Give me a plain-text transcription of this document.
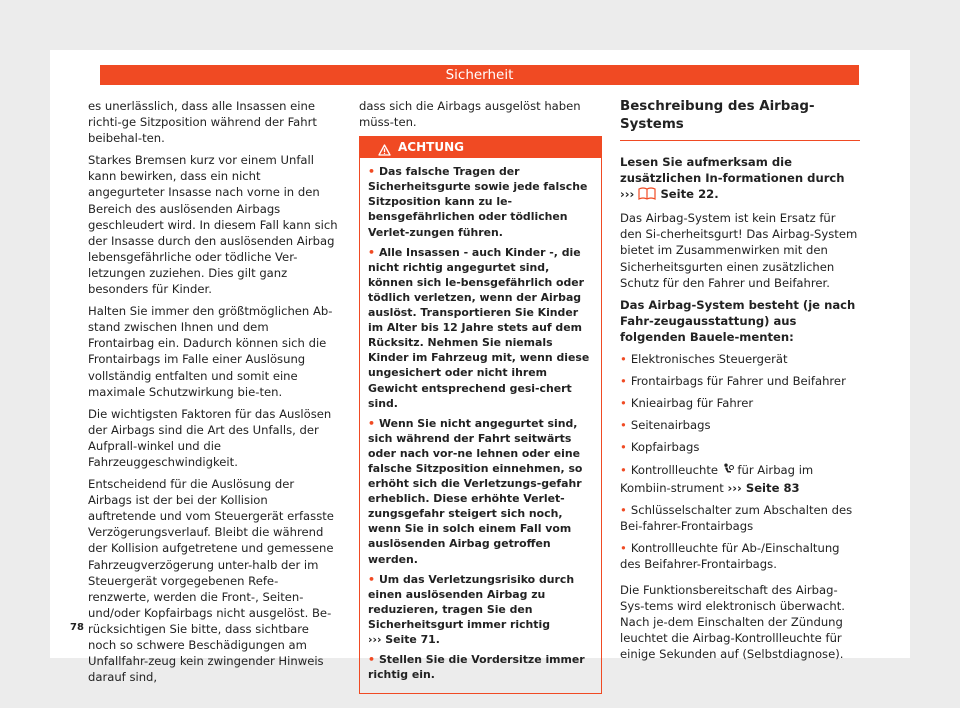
Sicherheit

es unerlässlich, dass alle Insassen eine richti-ge Sitzposition während der Fahrt beibehal-ten.

Starkes Bremsen kurz vor einem Unfall kann bewirken, dass ein nicht angegurteter Insasse nach vorne in den Bereich des auslösenden Airbags geschleudert wird. In diesem Fall kann sich der Insasse durch den auslösenden Airbag lebensgefährliche oder tödliche Ver-letzungen zuziehen. Dies gilt ganz besonders für Kinder.

Halten Sie immer den größtmöglichen Ab-stand zwischen Ihnen und dem Frontairbag ein. Dadurch können sich die Frontairbags im Falle einer Auslösung vollständig entfalten und somit eine maximale Schutzwirkung bie-ten.

Die wichtigsten Faktoren für das Auslösen der Airbags sind die Art des Unfalls, der Aufprall-winkel und die Fahrzeuggeschwindigkeit.

Entscheidend für die Auslösung der Airbags ist der bei der Kollision auftretende und vom Steuergerät erfasste Verzögerungsverlauf. Bleibt die während der Kollision aufgetretene und gemessene Fahrzeugverzögerung unter-halb der im Steuergerät vorgegebenen Refe-renzwerte, werden die Front-, Seiten- und/oder Kopfairbags nicht ausgelöst. Be-rücksichtigen Sie bitte, dass sichtbare noch so schwere Beschädigungen am Unfallfahr-zeug kein zwingender Hinweis darauf sind,

dass sich die Airbags ausgelöst haben müss-ten.

ACHTUNG
• Das falsche Tragen der Sicherheitsgurte sowie jede falsche Sitzposition kann zu le-bensgefährlichen oder tödlichen Verlet-zungen führen.
• Alle Insassen - auch Kinder -, die nicht richtig angegurtet sind, können sich le-bensgefährlich oder tödlich verletzen, wenn der Airbag auslöst. Transportieren Sie Kinder im Alter bis 12 Jahre stets auf dem Rücksitz. Nehmen Sie niemals Kinder im Fahrzeug mit, wenn diese ungesichert oder nicht ihrem Gewicht entsprechend gesi-chert sind.
• Wenn Sie nicht angegurtet sind, sich während der Fahrt seitwärts oder nach vor-ne lehnen oder eine falsche Sitzposition einnehmen, so erhöht sich die Verletzungs-gefahr erheblich. Diese erhöhte Verlet-zungsgefahr steigert sich noch, wenn Sie in solch einem Fall vom auslösenden Airbag getroffen werden.
• Um das Verletzungsrisiko durch einen auslösenden Airbag zu reduzieren, tragen Sie den Sicherheitsgurt immer richtig
››› Seite 71.
• Stellen Sie die Vordersitze immer richtig ein.
Beschreibung des Airbag-Systems

Lesen Sie aufmerksam die zusätzlichen In-formationen durch ››› Seite 22.

Das Airbag-System ist kein Ersatz für den Si-cherheitsgurt! Das Airbag-System bietet im Zusammenwirken mit den Sicherheitsgurten einen zusätzlichen Schutz für den Fahrer und Beifahrer.

Das Airbag-System besteht (je nach Fahr-zeugausstattung) aus folgenden Bauele-menten:

• Elektronisches Steuergerät
• Frontairbags für Fahrer und Beifahrer
• Knieairbag für Fahrer
• Seitenairbags
• Kopfairbags
• Kontrollleuchte für Airbag im Kombiin-strument ››› Seite 83
• Schlüsselschalter zum Abschalten des Bei-fahrer-Frontairbags
• Kontrollleuchte für Ab-/Einschaltung des Beifahrer-Frontairbags.

Die Funktionsbereitschaft des Airbag-Sys-tems wird elektronisch überwacht. Nach je-dem Einschalten der Zündung leuchtet die Airbag-Kontrollleuchte für einige Sekunden auf (Selbstdiagnose).

78
